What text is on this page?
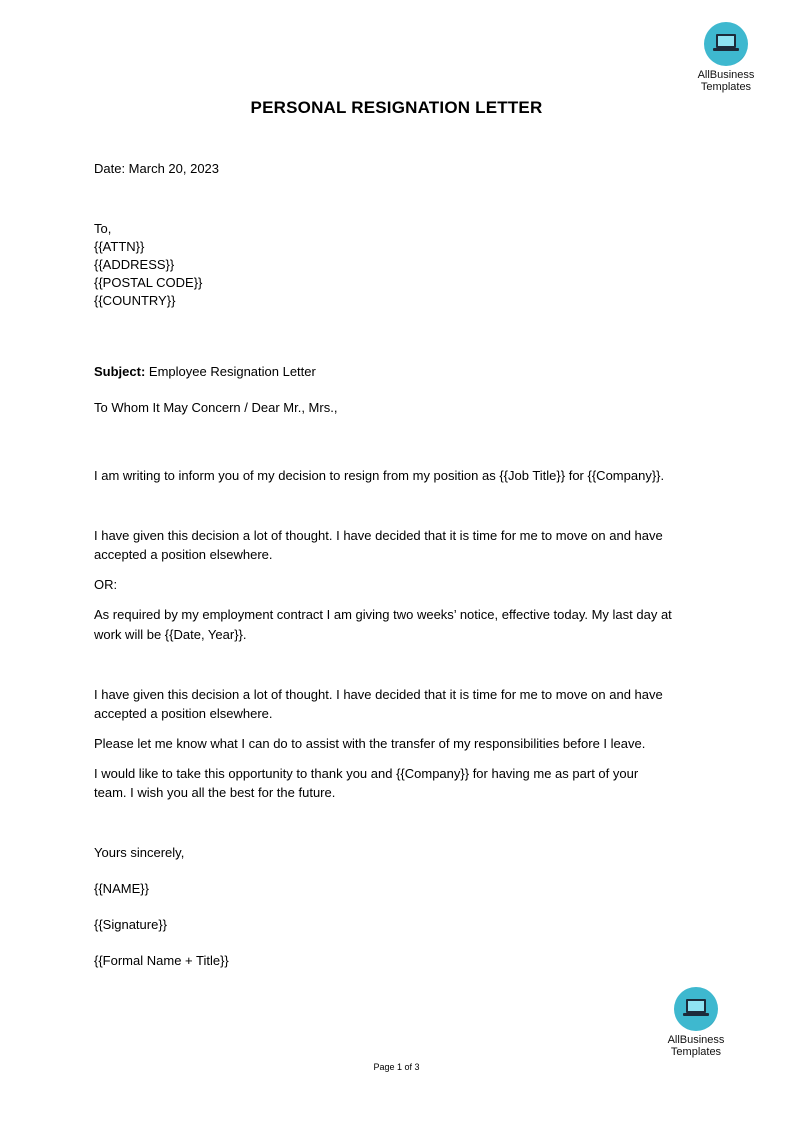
AllBusiness
Templates
PERSONAL RESIGNATION LETTER
Date: March 20, 2023
To,
{{ATTN}}
{{ADDRESS}}
{{POSTAL CODE}}
{{COUNTRY}}
Subject: Employee Resignation Letter
To Whom It May Concern / Dear Mr., Mrs.,
I am writing to inform you of my decision to resign from my position as {{Job Title}} for {{Company}}.
I have given this decision a lot of thought. I have decided that it is time for me to move on and have
accepted a position elsewhere.
OR:
As required by my employment contract I am giving two weeks’ notice, effective today. My last day at
work will be {{Date, Year}}.
I have given this decision a lot of thought. I have decided that it is time for me to move on and have
accepted a position elsewhere.
Please let me know what I can do to assist with the transfer of my responsibilities before I leave.
I would like to take this opportunity to thank you and {{Company}} for having me as part of your
team. I wish you all the best for the future.
Yours sincerely,
{{NAME}}
{{Signature}}
{{Formal Name + Title}}
AllBusiness
Templates
Page 1 of 3
